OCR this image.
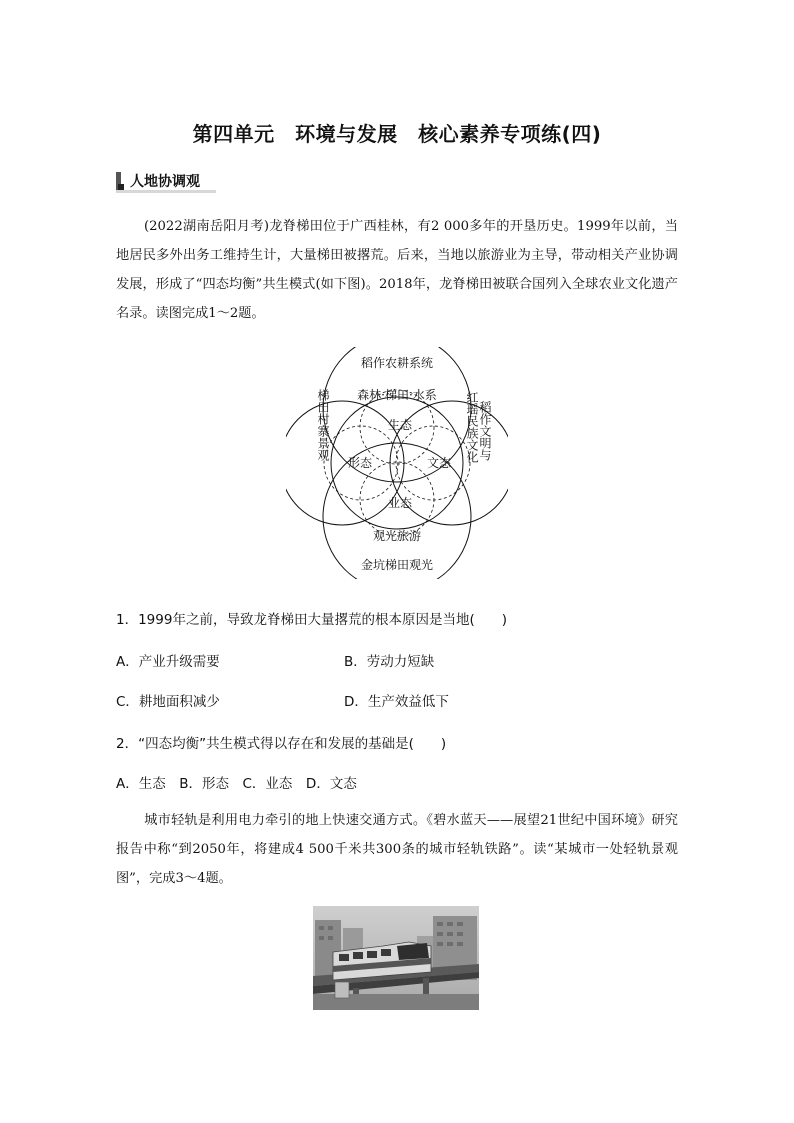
第四单元　环境与发展　核心素养专项练(四)
人地协调观
(2022湖南岳阳月考)龙脊梯田位于广西桂林，有2 000多年的开垦历史。1999年以前，当地居民多外出务工维持生计，大量梯田被撂荒。后来，当地以旅游业为主导，带动相关产业协调发展，形成了“四态均衡”共生模式(如下图)。2018年，龙脊梯田被联合国列入全球农业文化遗产名录。读图完成1～2题。
稻作农耕系统
森林·梯田·水系
生态
形态	文态
业态
观光旅游
金坑梯田观光
梯田村寨景观	红瑶民族文化 稻作文明与
1．1999年之前，导致龙脊梯田大量撂荒的根本原因是当地(　　)
A．产业升级需要	B．劳动力短缺
C．耕地面积减少	D．生产效益低下
2．“四态均衡”共生模式得以存在和发展的基础是(　　)
A．生态　B．形态　C．业态　D．文态
城市轻轨是利用电力牵引的地上快速交通方式。《碧水蓝天——展望21世纪中国环境》研究报告中称“到2050年，将建成4 500千米共300条的城市轻轨铁路”。读“某城市一处轻轨景观图”，完成3～4题。
